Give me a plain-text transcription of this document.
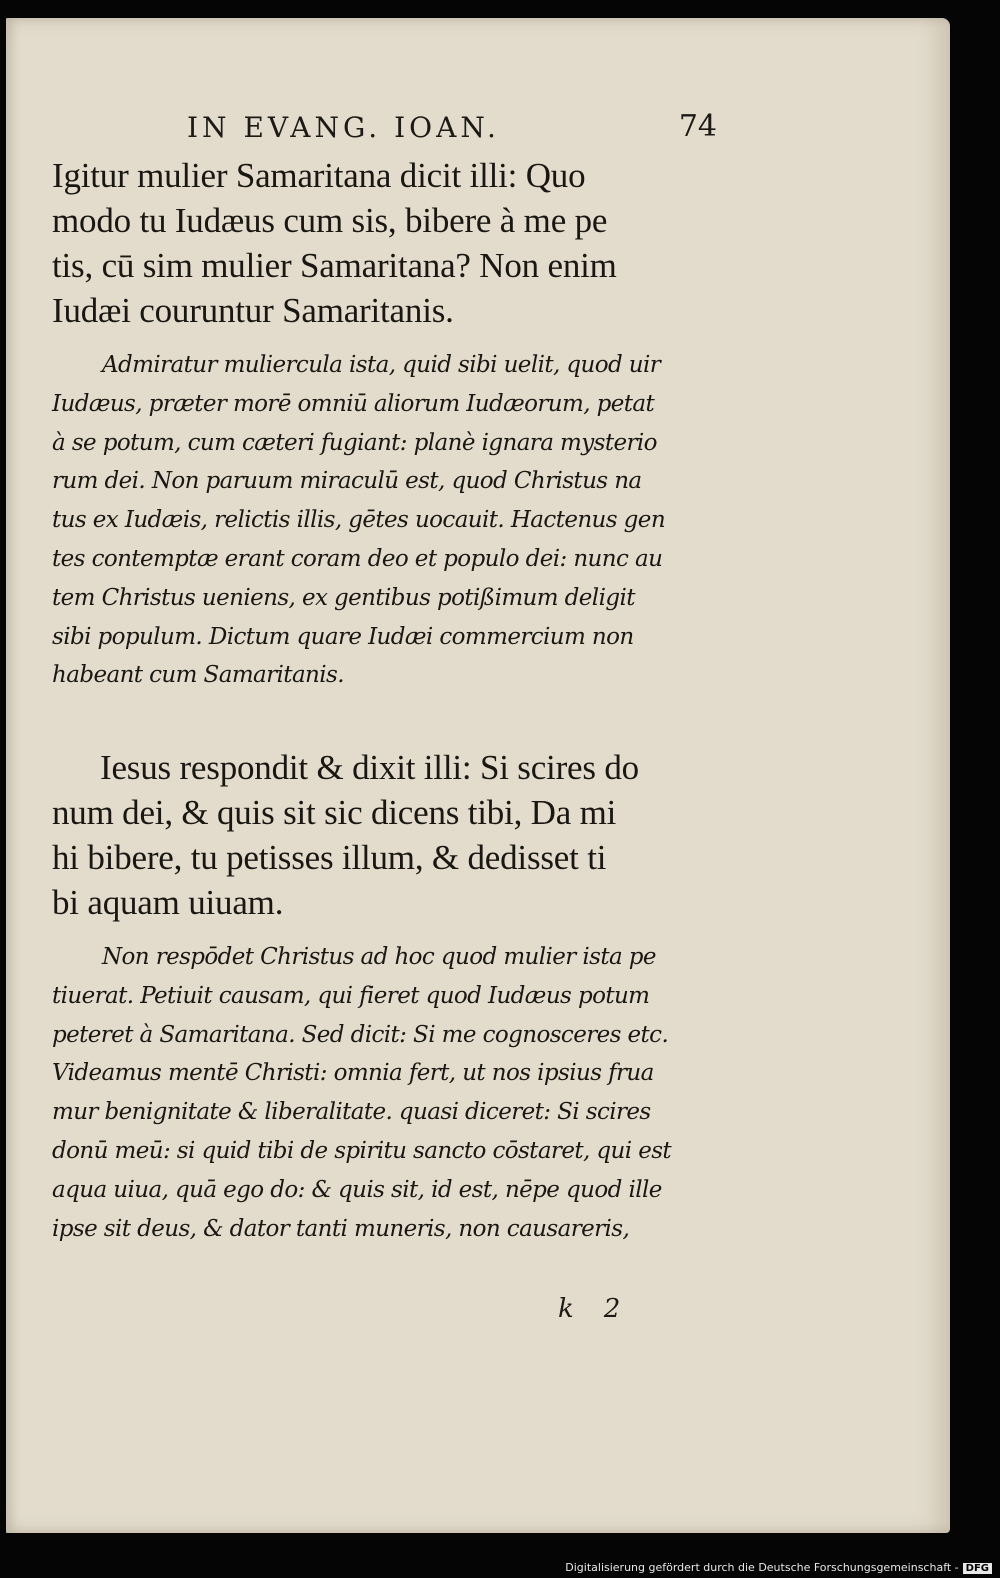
IN EVANG. IOAN.	74
Igitur mulier Samaritana dicit illi: Quo
modo tu Iudæus cum sis, bibere à me pe
tis, cū sim mulier Samaritana? Non enim
Iudæi couruntur Samaritanis.
Admiratur muliercula ista, quid sibi uelit, quod uir
Iudæus, præter morē omniū aliorum Iudæorum, petat
à se potum, cum cæteri fugiant: planè ignara mysterio
rum dei. Non paruum miraculū est, quod Christus na
tus ex Iudæis, relictis illis, gētes uocauit. Hactenus gen
tes contemptæ erant coram deo et populo dei: nunc au
tem Christus ueniens, ex gentibus potißimum deligit
sibi populum. Dictum quare Iudæi commercium non
habeant cum Samaritanis.
Iesus respondit & dixit illi: Si scires do
num dei, & quis sit sic dicens tibi, Da mi
hi bibere, tu petisses illum, & dedisset ti
bi aquam uiuam.
Non respōdet Christus ad hoc quod mulier ista pe
tiuerat. Petiuit causam, qui fieret quod Iudæus potum
peteret à Samaritana. Sed dicit: Si me cognosceres etc.
Videamus mentē Christi: omnia fert, ut nos ipsius frua
mur benignitate & liberalitate. quasi diceret: Si scires
donū meū: si quid tibi de spiritu sancto cōstaret, qui est
aqua uiua, quā ego do: & quis sit, id est, nēpe quod ille
ipse sit deus, & dator tanti muneris, non causareris,
k 2
Digitalisierung gefördert durch die Deutsche Forschungsgemeinschaft - DFG
